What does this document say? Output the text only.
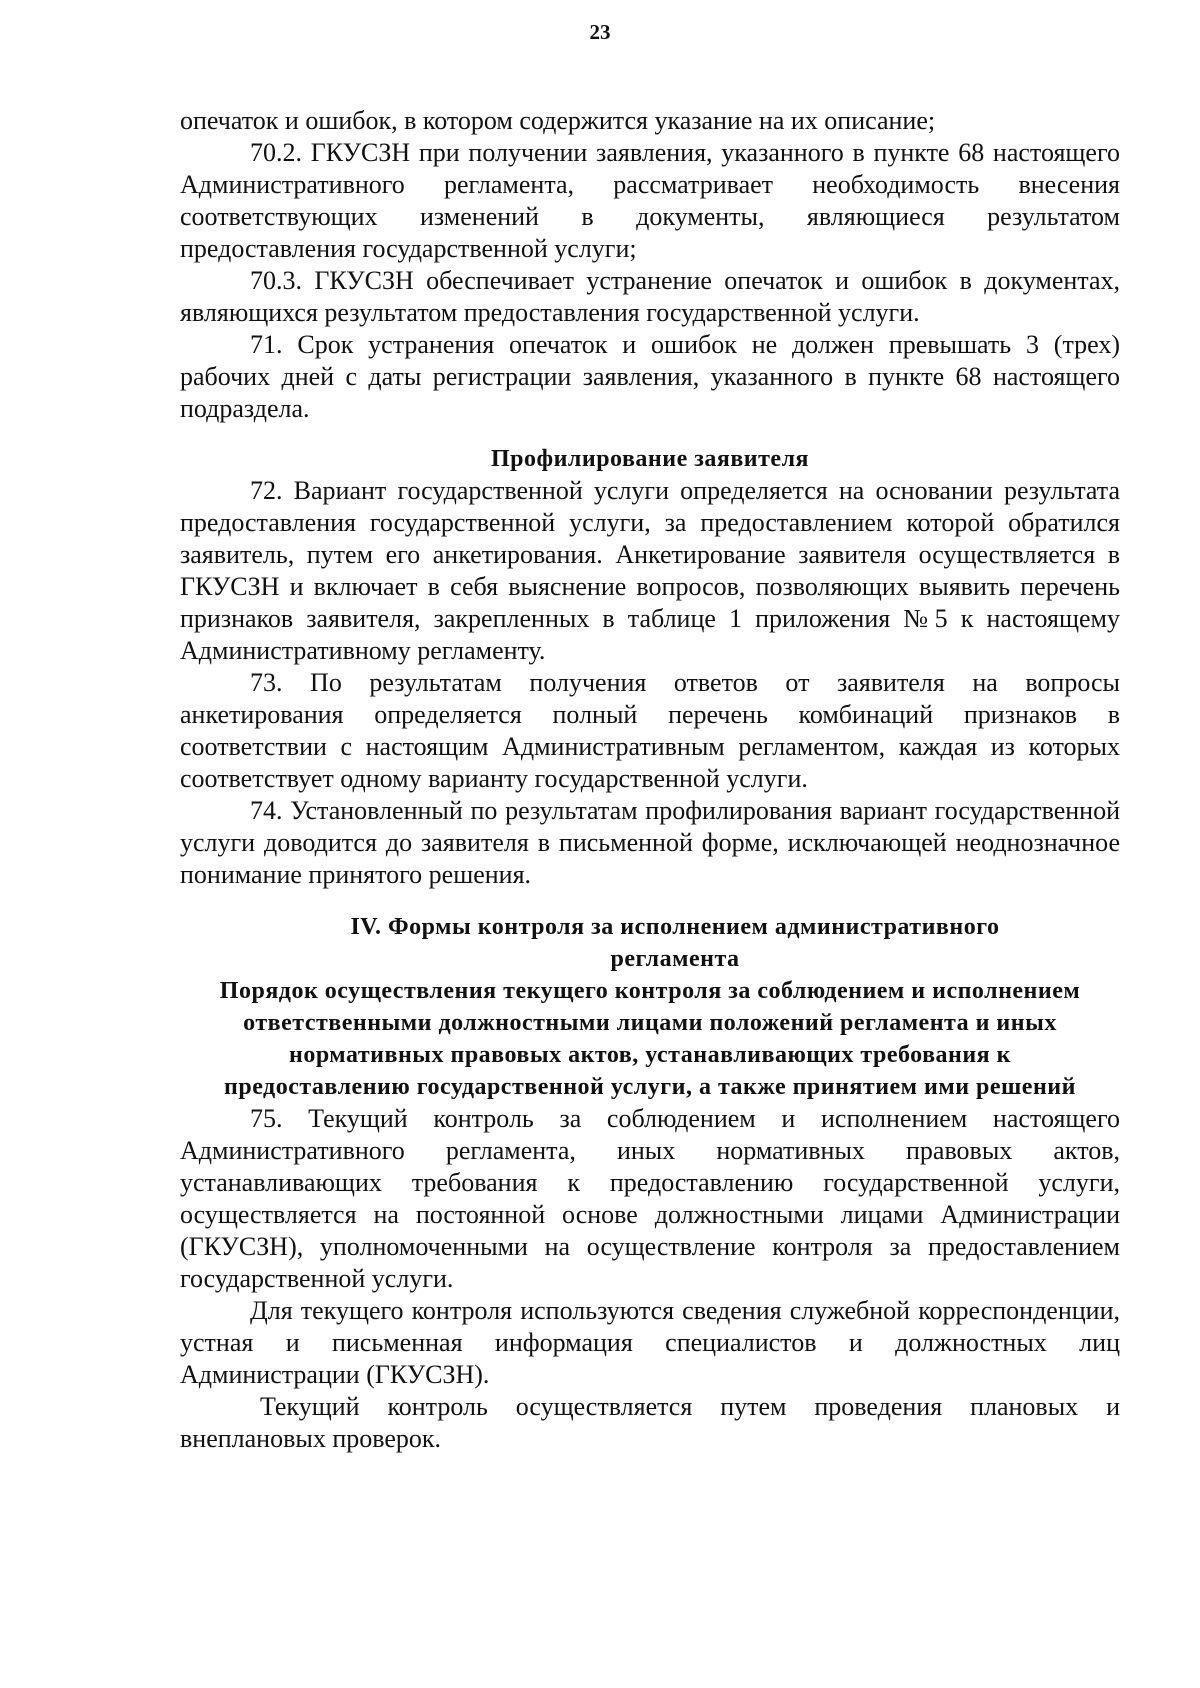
23

опечаток и ошибок, в котором содержится указание на их описание;

70.2. ГКУСЗН при получении заявления, указанного в пункте 68 настоящего Административного регламента, рассматривает необходимость внесения соответствующих изменений в документы, являющиеся результатом предоставления государственной услуги;

70.3. ГКУСЗН обеспечивает устранение опечаток и ошибок в документах, являющихся результатом предоставления государственной услуги.

71. Срок устранения опечаток и ошибок не должен превышать 3 (трех) рабочих дней с даты регистрации заявления, указанного в пункте 68 настоящего подраздела.

Профилирование заявителя

72. Вариант государственной услуги определяется на основании результата предоставления государственной услуги, за предоставлением которой обратился заявитель, путем его анкетирования. Анкетирование заявителя осуществляется в ГКУСЗН и включает в себя выяснение вопросов, позволяющих выявить перечень признаков заявителя, закрепленных в таблице 1 приложения №5 к настоящему Административному регламенту.

73. По результатам получения ответов от заявителя на вопросы анкетирования определяется полный перечень комбинаций признаков в соответствии с настоящим Административным регламентом, каждая из которых соответствует одному варианту государственной услуги.

74. Установленный по результатам профилирования вариант государственной услуги доводится до заявителя в письменной форме, исключающей неоднозначное понимание принятого решения.

IV. Формы контроля за исполнением административного регламента

Порядок осуществления текущего контроля за соблюдением и исполнением ответственными должностными лицами положений регламента и иных нормативных правовых актов, устанавливающих требования к предоставлению государственной услуги, а также принятием ими решений

75. Текущий контроль за соблюдением и исполнением настоящего Административного регламента, иных нормативных правовых актов, устанавливающих требования к предоставлению государственной услуги, осуществляется на постоянной основе должностными лицами Администрации (ГКУСЗН), уполномоченными на осуществление контроля за предоставлением государственной услуги.

Для текущего контроля используются сведения служебной корреспонденции, устная и письменная информация специалистов и должностных лиц Администрации (ГКУСЗН).

Текущий контроль осуществляется путем проведения плановых и внеплановых проверок.
